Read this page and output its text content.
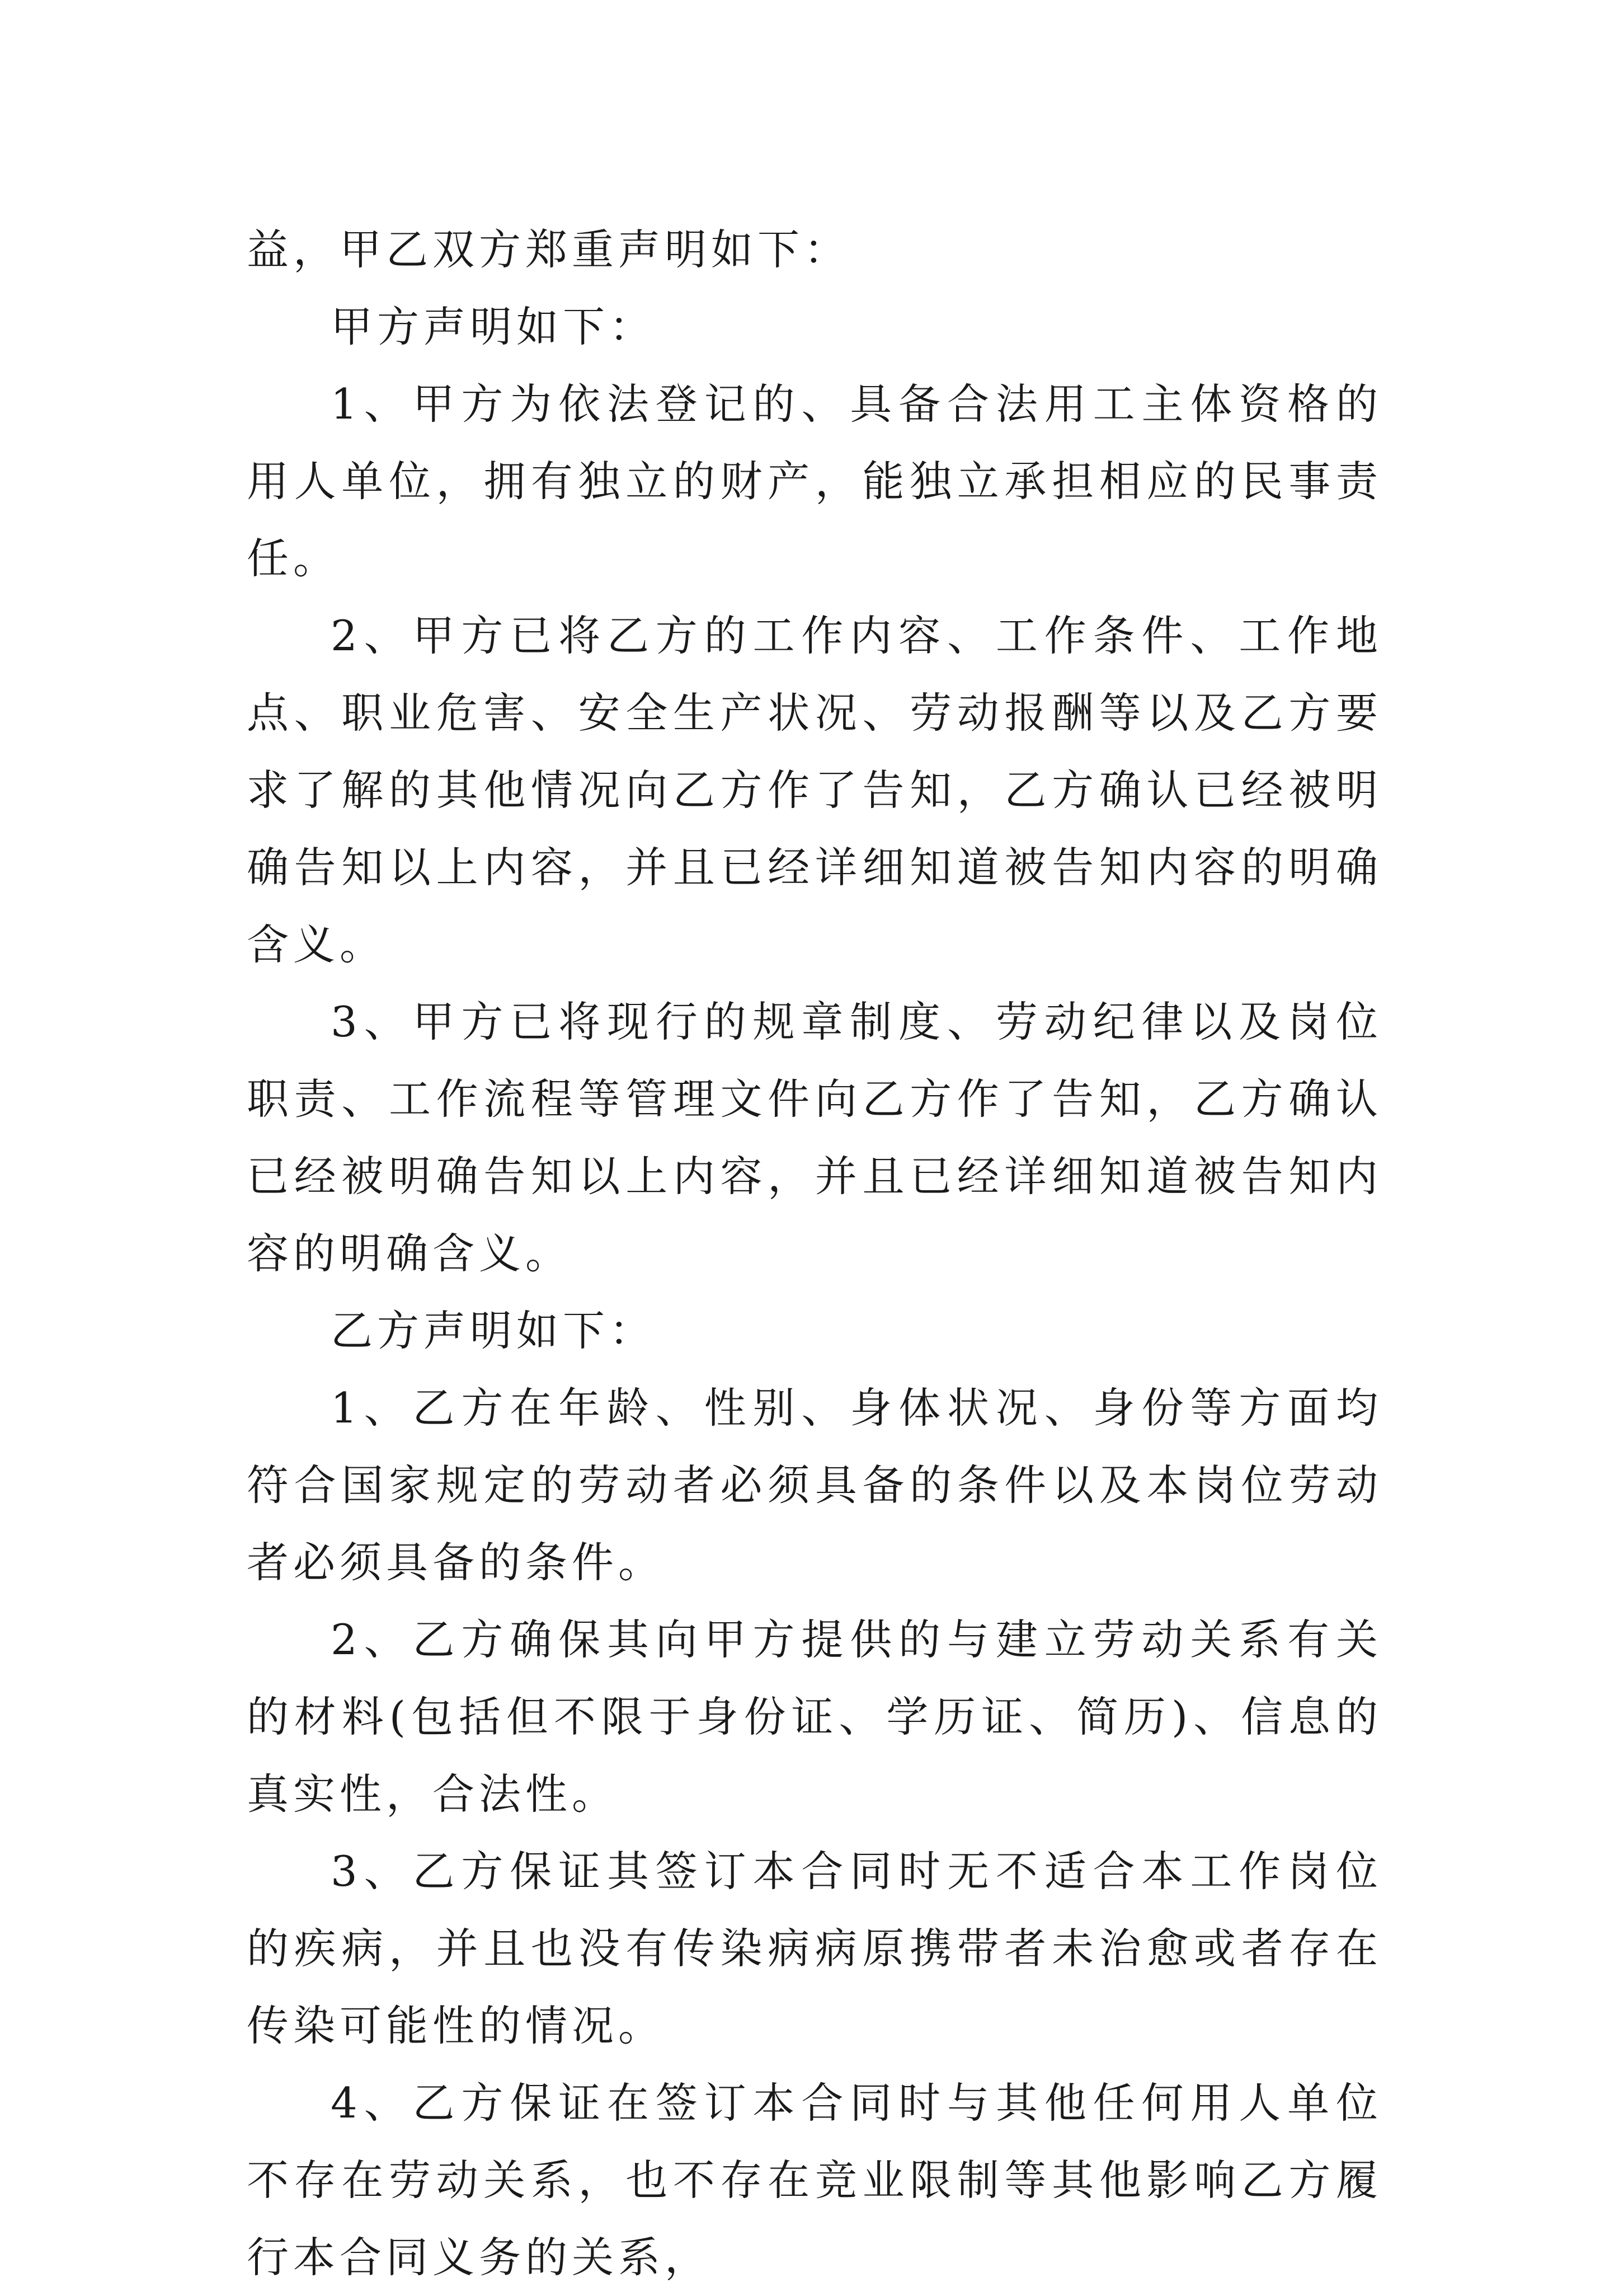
益，甲乙双方郑重声明如下：

甲方声明如下：

1、甲方为依法登记的、具备合法用工主体资格的用人单位，拥有独立的财产，能独立承担相应的民事责任。

2、甲方已将乙方的工作内容、工作条件、工作地点、职业危害、安全生产状况、劳动报酬等以及乙方要求了解的其他情况向乙方作了告知，乙方确认已经被明确告知以上内容，并且已经详细知道被告知内容的明确含义。

3、甲方已将现行的规章制度、劳动纪律以及岗位职责、工作流程等管理文件向乙方作了告知，乙方确认已经被明确告知以上内容，并且已经详细知道被告知内容的明确含义。

乙方声明如下：

1、乙方在年龄、性别、身体状况、身份等方面均符合国家规定的劳动者必须具备的条件以及本岗位劳动者必须具备的条件。

2、乙方确保其向甲方提供的与建立劳动关系有关的材料(包括但不限于身份证、学历证、简历)、信息的真实性，合法性。

3、乙方保证其签订本合同时无不适合本工作岗位的疾病，并且也没有传染病病原携带者未治愈或者存在传染可能性的情况。

4、乙方保证在签订本合同时与其他任何用人单位不存在劳动关系，也不存在竞业限制等其他影响乙方履行本合同义务的关系，
